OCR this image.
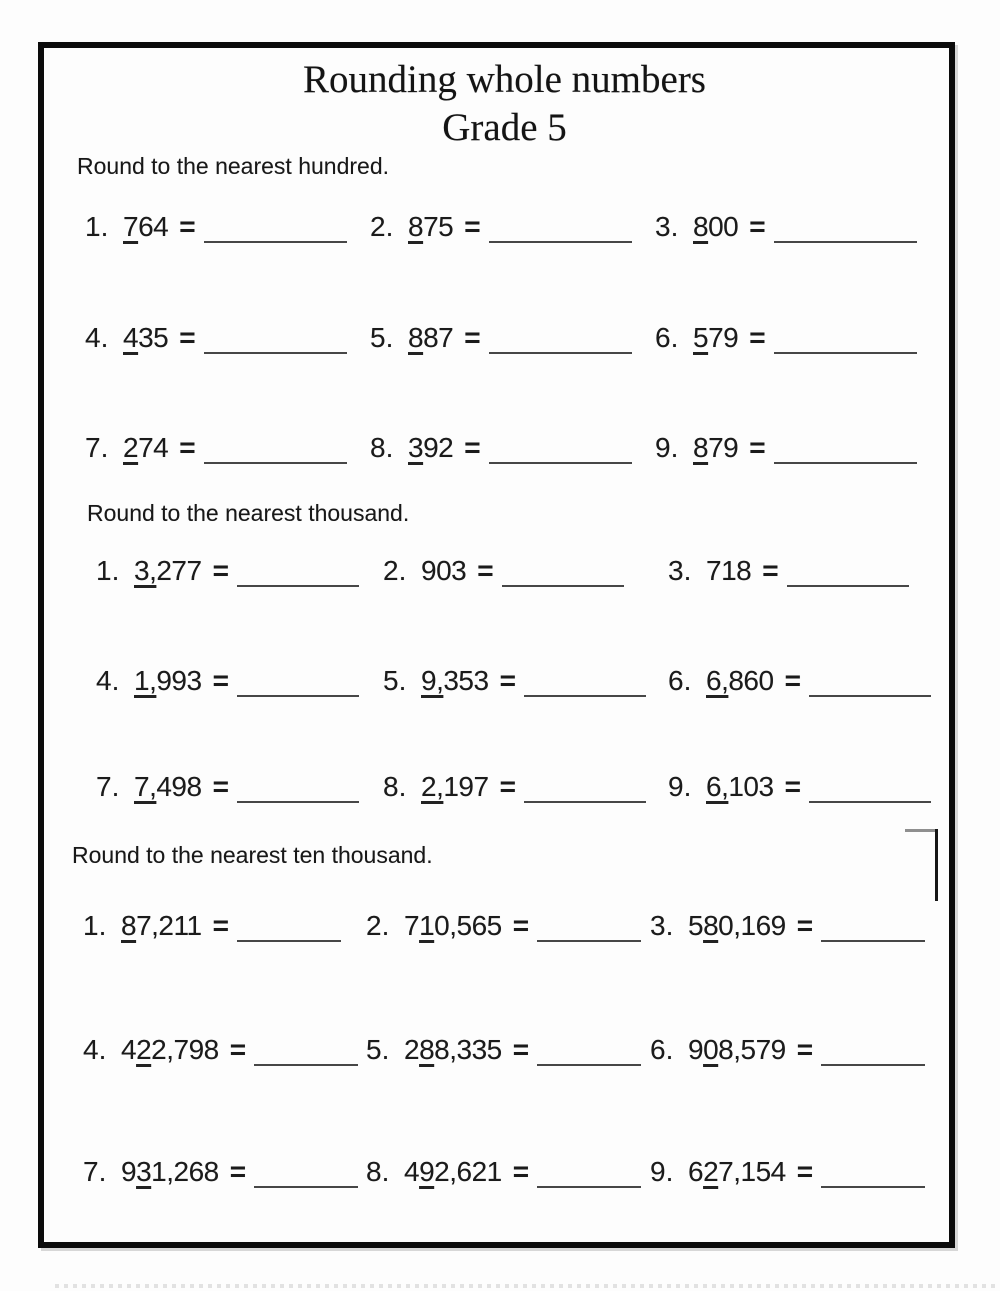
Rounding whole numbers
Grade 5
Round to the nearest hundred.
1. 764 =	2. 875 =	3. 800 =
4. 435 =	5. 887 =	6. 579 =
7. 274 =	8. 392 =	9. 879 =
Round to the nearest thousand.
1. 3,277 =	2. 903 =	3. 718 =
4. 1,993 =	5. 9,353 =	6. 6,860 =
7. 7,498 =	8. 2,197 =	9. 6,103 =
Round to the nearest ten thousand.
1. 87,211 =	2. 710,565 =	3. 580,169 =
4. 422,798 =	5. 288,335 =	6. 908,579 =
7. 931,268 =	8. 492,621 =	9. 627,154 =
